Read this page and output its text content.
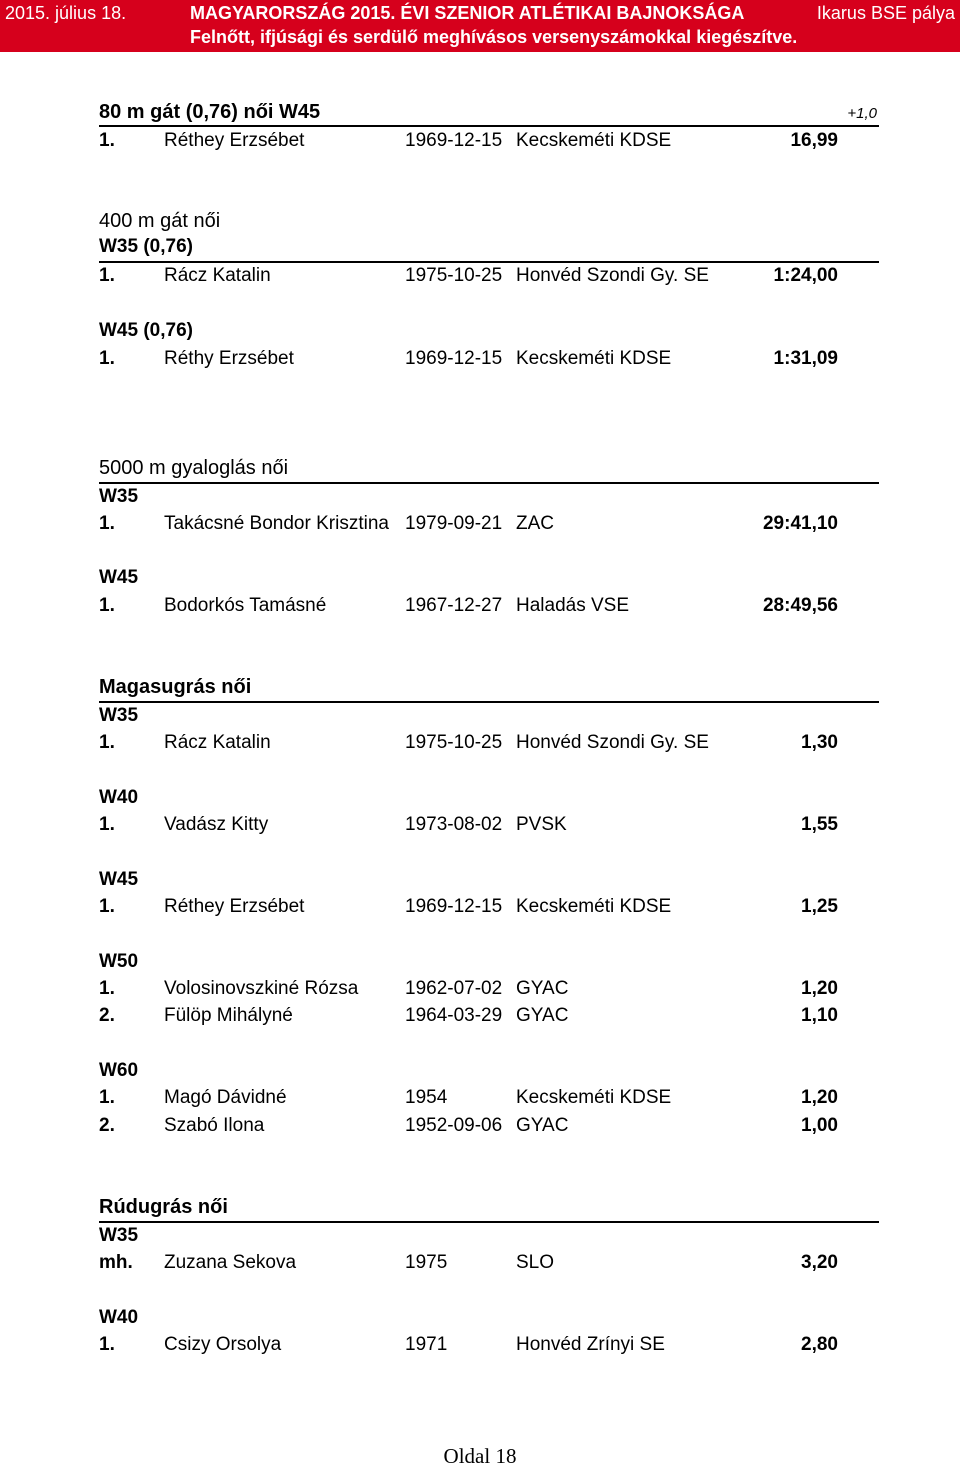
2015. július 18.	MAGYARORSZÁG 2015. ÉVI SZENIOR ATLÉTIKAI BAJNOKSÁGA	Ikarus BSE pálya
Felnőtt, ifjúsági és serdülő meghívásos versenyszámokkal kiegészítve.
80 m gát (0,76) női W45	+1,0
1.	Réthey Erzsébet	1969-12-15 Kecskeméti KDSE	16,99
400 m gát női
W35 (0,76)
1.	Rácz Katalin	1975-10-25 Honvéd Szondi Gy. SE	1:24,00
W45 (0,76)
1.	Réthy Erzsébet	1969-12-15 Kecskeméti KDSE	1:31,09
5000 m gyaloglás női
W35
1.	Takácsné Bondor Krisztina 1979-09-21 ZAC	29:41,10
W45
1.	Bodorkós Tamásné	1967-12-27 Haladás VSE	28:49,56
Magasugrás női
W35
1.	Rácz Katalin	1975-10-25 Honvéd Szondi Gy. SE	1,30
W40
1.	Vadász Kitty	1973-08-02 PVSK	1,55
W45
1.	Réthey Erzsébet	1969-12-15 Kecskeméti KDSE	1,25
W50
1.	Volosinovszkiné Rózsa 1962-07-02 GYAC	1,20
2.	Fülöp Mihályné	1964-03-29 GYAC	1,10
W60
1.	Magó Dávidné	1954	Kecskeméti KDSE	1,20
2.	Szabó Ilona	1952-09-06 GYAC	1,00
Rúdugrás női
W35
mh. Zuzana Sekova	1975	SLO	3,20
W40
1.	Csizy Orsolya	1971	Honvéd Zrínyi SE	2,80
Oldal 18
